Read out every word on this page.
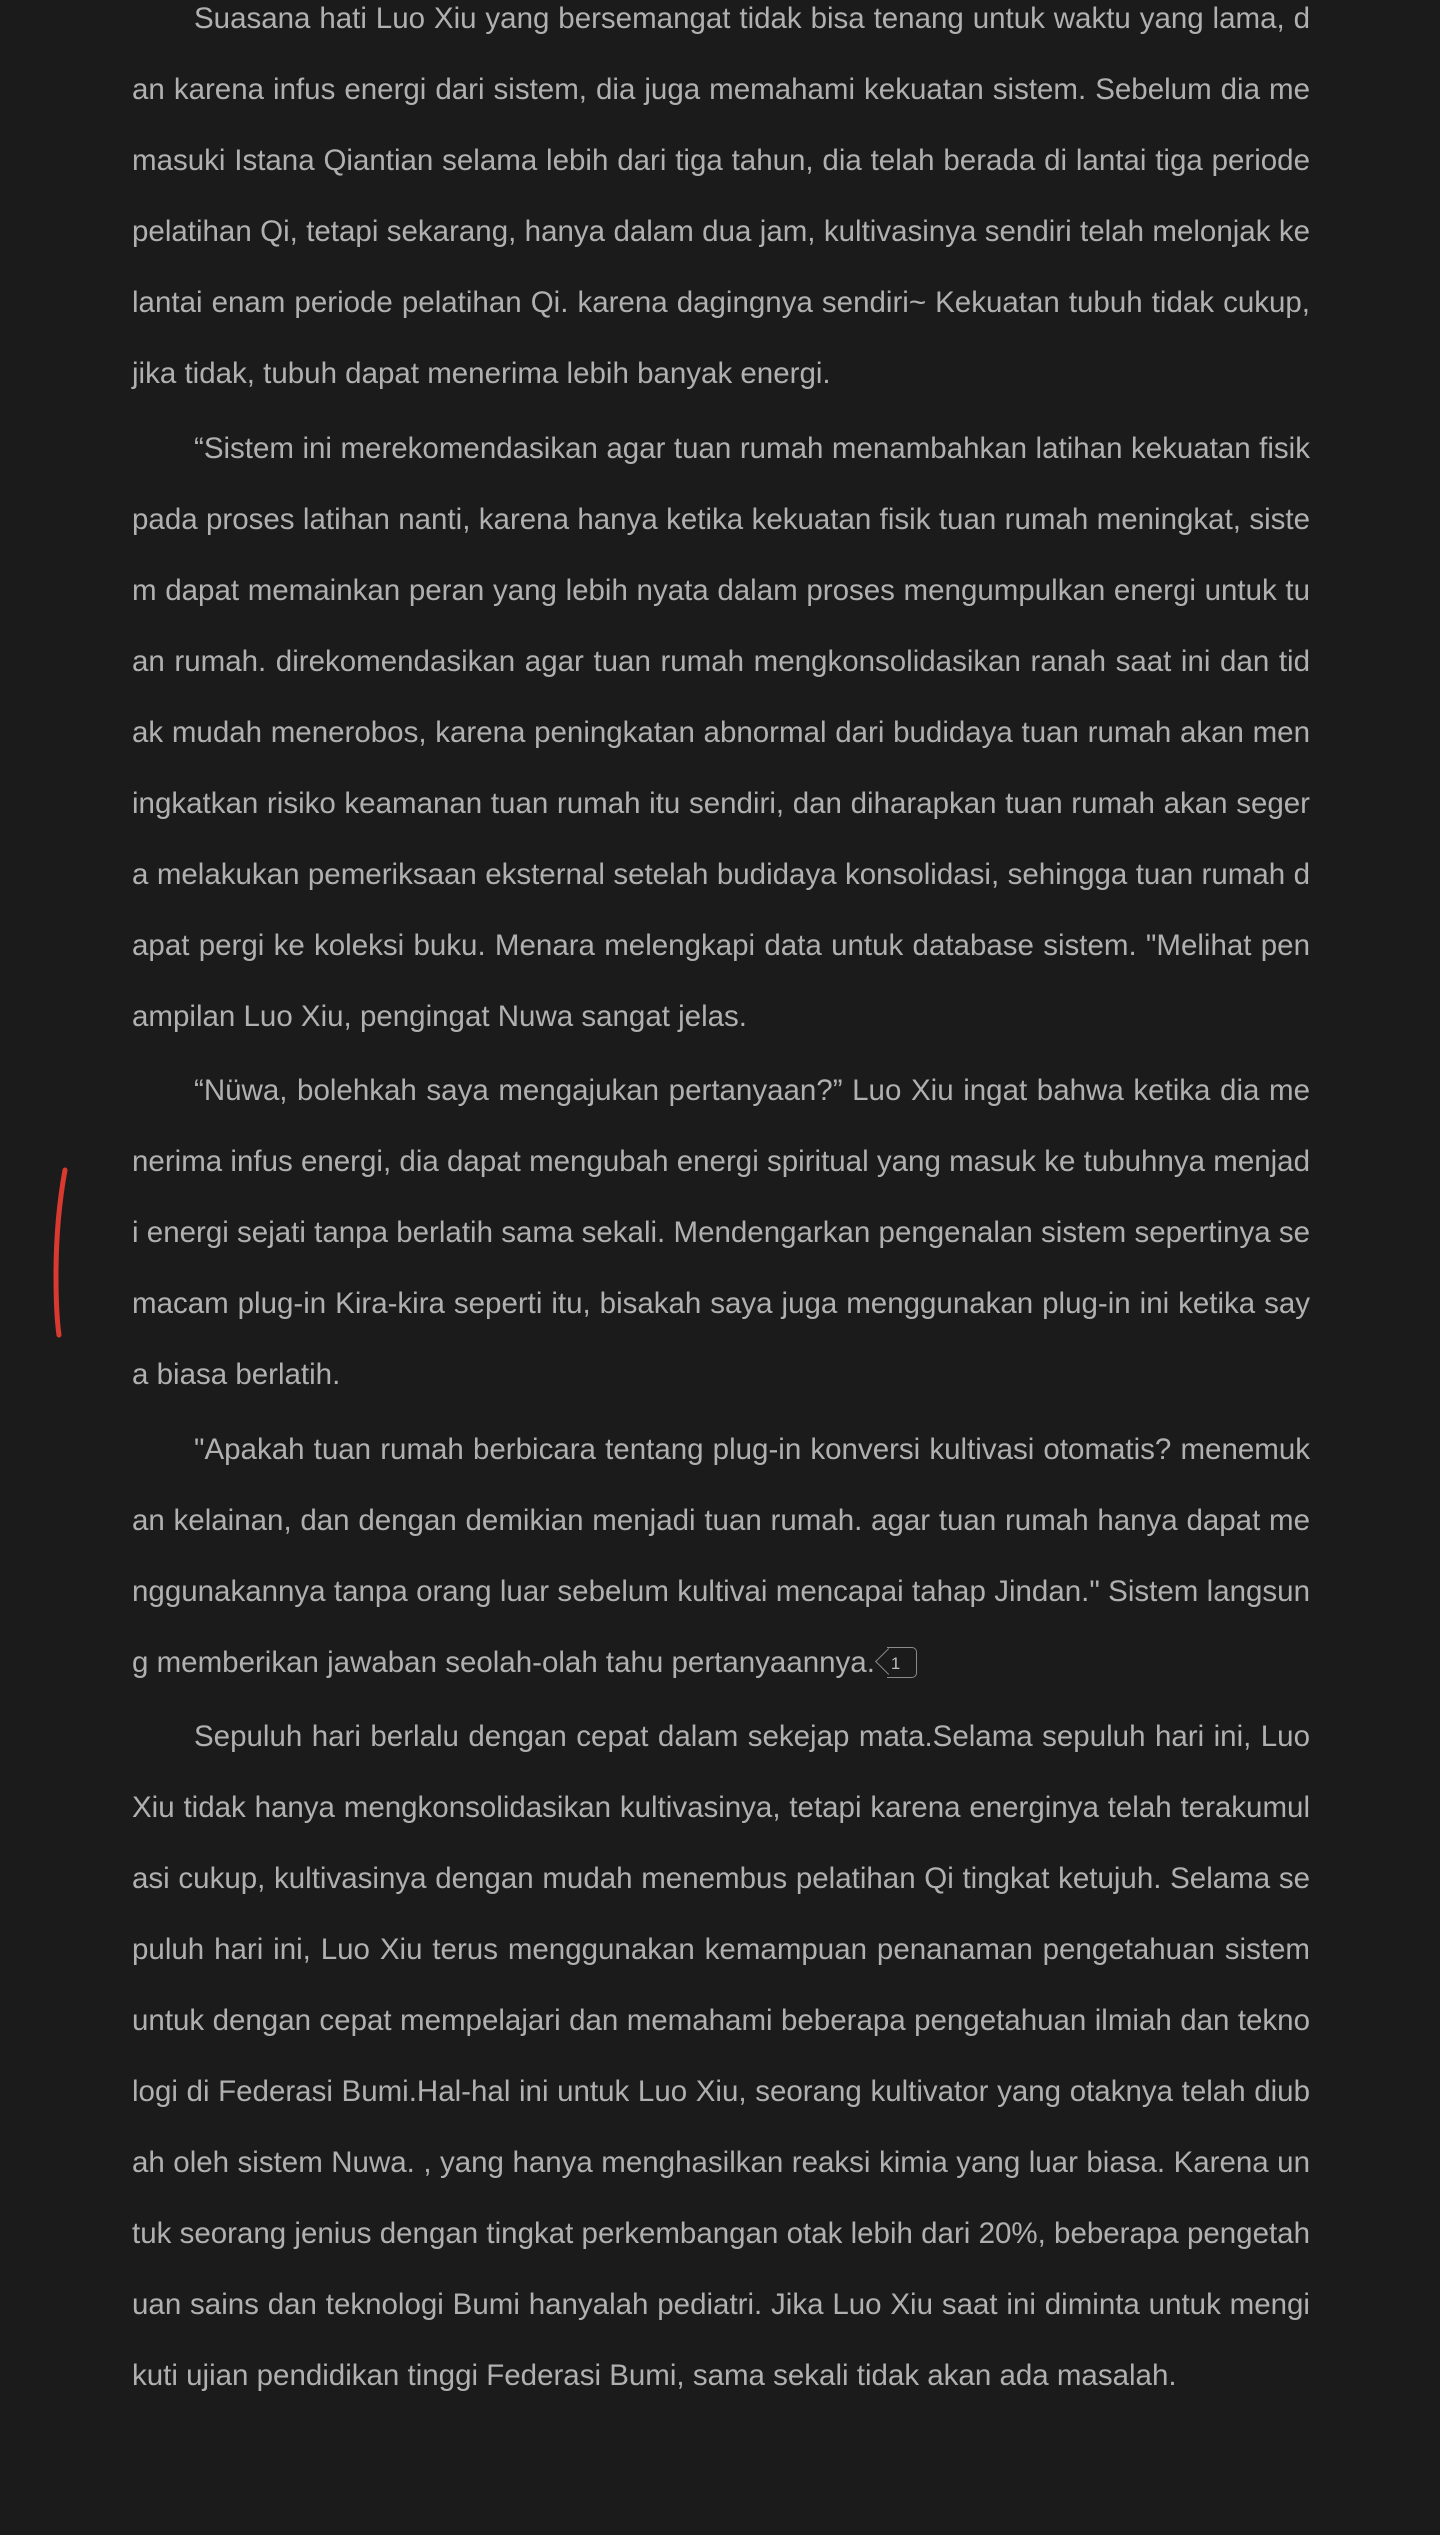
Suasana hati Luo Xiu yang bersemangat tidak bisa tenang untuk waktu yang lama, dan karena infus energi dari sistem, dia juga memahami kekuatan sistem. Sebelum dia memasuki Istana Qiantian selama lebih dari tiga tahun, dia telah berada di lantai tiga periode pelatihan Qi, tetapi sekarang, hanya dalam dua jam, kultivasinya sendiri telah melonjak ke lantai enam periode pelatihan Qi. karena dagingnya sendiri~ Kekuatan tubuh tidak cukup, jika tidak, tubuh dapat menerima lebih banyak energi.

“Sistem ini merekomendasikan agar tuan rumah menambahkan latihan kekuatan fisik pada proses latihan nanti, karena hanya ketika kekuatan fisik tuan rumah meningkat, sistem dapat memainkan peran yang lebih nyata dalam proses mengumpulkan energi untuk tuan rumah. direkomendasikan agar tuan rumah mengkonsolidasikan ranah saat ini dan tidak mudah menerobos, karena peningkatan abnormal dari budidaya tuan rumah akan meningkatkan risiko keamanan tuan rumah itu sendiri, dan diharapkan tuan rumah akan segera melakukan pemeriksaan eksternal setelah budidaya konsolidasi, sehingga tuan rumah dapat pergi ke koleksi buku. Menara melengkapi data untuk database sistem. "Melihat penampilan Luo Xiu, pengingat Nuwa sangat jelas.

“Nüwa, bolehkah saya mengajukan pertanyaan?” Luo Xiu ingat bahwa ketika dia menerima infus energi, dia dapat mengubah energi spiritual yang masuk ke tubuhnya menjadi energi sejati tanpa berlatih sama sekali. Mendengarkan pengenalan sistem sepertinya semacam plug-in Kira-kira seperti itu, bisakah saya juga menggunakan plug-in ini ketika saya biasa berlatih.

"Apakah tuan rumah berbicara tentang plug-in konversi kultivasi otomatis? menemukan kelainan, dan dengan demikian menjadi tuan rumah. agar tuan rumah hanya dapat menggunakannya tanpa orang luar sebelum kultivai mencapai tahap Jindan." Sistem langsung memberikan jawaban seolah-olah tahu pertanyaannya. 1

Sepuluh hari berlalu dengan cepat dalam sekejap mata.Selama sepuluh hari ini, Luo Xiu tidak hanya mengkonsolidasikan kultivasinya, tetapi karena energinya telah terakumulasi cukup, kultivasinya dengan mudah menembus pelatihan Qi tingkat ketujuh. Selama sepuluh hari ini, Luo Xiu terus menggunakan kemampuan penanaman pengetahuan sistem untuk dengan cepat mempelajari dan memahami beberapa pengetahuan ilmiah dan teknologi di Federasi Bumi.Hal-hal ini untuk Luo Xiu, seorang kultivator yang otaknya telah diubah oleh sistem Nuwa. , yang hanya menghasilkan reaksi kimia yang luar biasa. Karena untuk seorang jenius dengan tingkat perkembangan otak lebih dari 20%, beberapa pengetahuan sains dan teknologi Bumi hanyalah pediatri. Jika Luo Xiu saat ini diminta untuk mengikuti ujian pendidikan tinggi Federasi Bumi, sama sekali tidak akan ada masalah.
